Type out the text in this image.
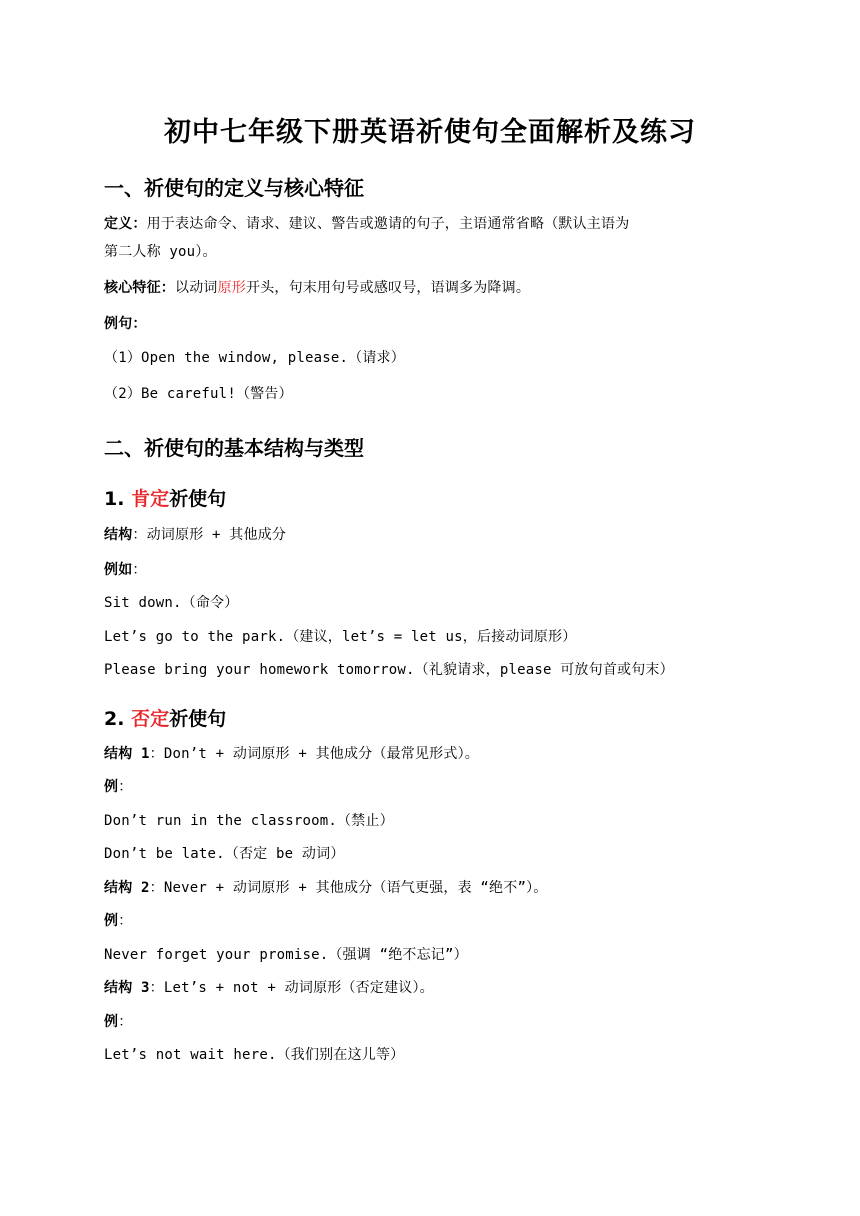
初中七年级下册英语祈使句全面解析及练习
一、祈使句的定义与核心特征
定义：用于表达命令、请求、建议、警告或邀请的句子，主语通常省略（默认主语为
第二人称 you）。
核心特征：以动词原形开头，句末用句号或感叹号，语调多为降调。
例句：
（1）Open the window, please.（请求）
（2）Be careful!（警告）
二、祈使句的基本结构与类型
1. 肯定祈使句
结构：动词原形 + 其他成分
例如：
Sit down.（命令）
Let’s go to the park.（建议，let’s = let us，后接动词原形）
Please bring your homework tomorrow.（礼貌请求，please 可放句首或句末）
2. 否定祈使句
结构 1：Don’t + 动词原形 + 其他成分（最常见形式）。
例：
Don’t run in the classroom.（禁止）
Don’t be late.（否定 be 动词）
结构 2：Never + 动词原形 + 其他成分（语气更强，表 “绝不”）。
例：
Never forget your promise.（强调 “绝不忘记”）
结构 3：Let’s + not + 动词原形（否定建议）。
例：
Let’s not wait here.（我们别在这儿等）
